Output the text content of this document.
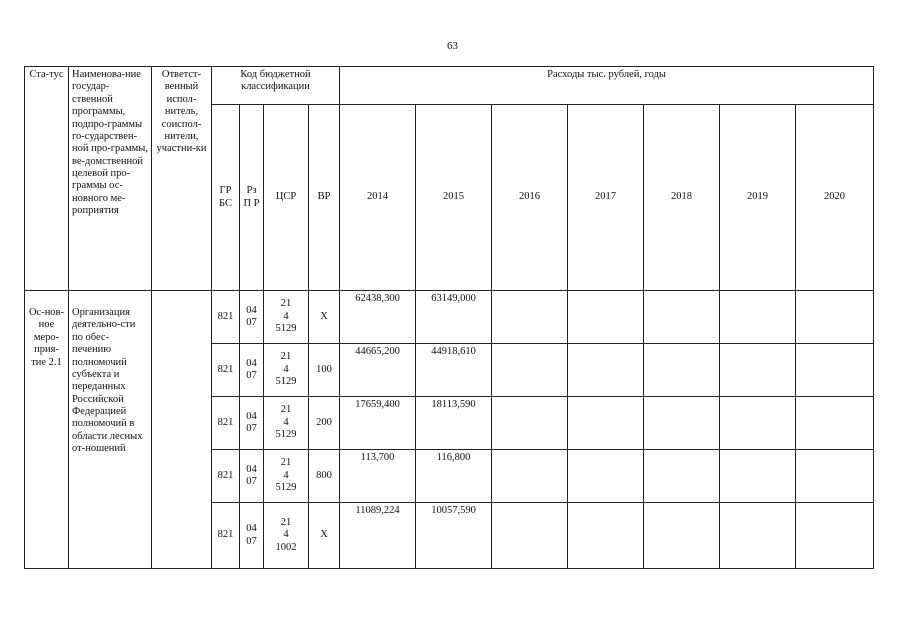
63
Ста-тус	Наименова-ние государ-ственной программы, подпро-граммы го-сударствен-ной про-граммы, ве-домственной целевой про-граммы ос-новного ме-роприятия	Ответст-венный испол-нитель, соиспол-нители, участни-ки	Код бюджетной классификации				Расходы тыс. рублей, годы						
			ГР БС	Рз П Р	ЦСР	ВР	2014	2015	2016	2017	2018	2019	2020
Ос-нов-ное меро-прия-тие 2.1	Организация деятельно-сти по обес-печению полномочий субъекта и переданных Российской Федерацией полномочий в области лесных от-ношений		821	04
07	21
4
5129	X	62438,300	63149,000					
			821	04
07	21
4
5129	100	44665,200	44918,610					
			821	04
07	21
4
5129	200	17659,400	18113,590					
			821	04
07	21
4
5129	800	113,700	116,800					
			821	04
07	21
4
1002	X	11089,224	10057,590					
